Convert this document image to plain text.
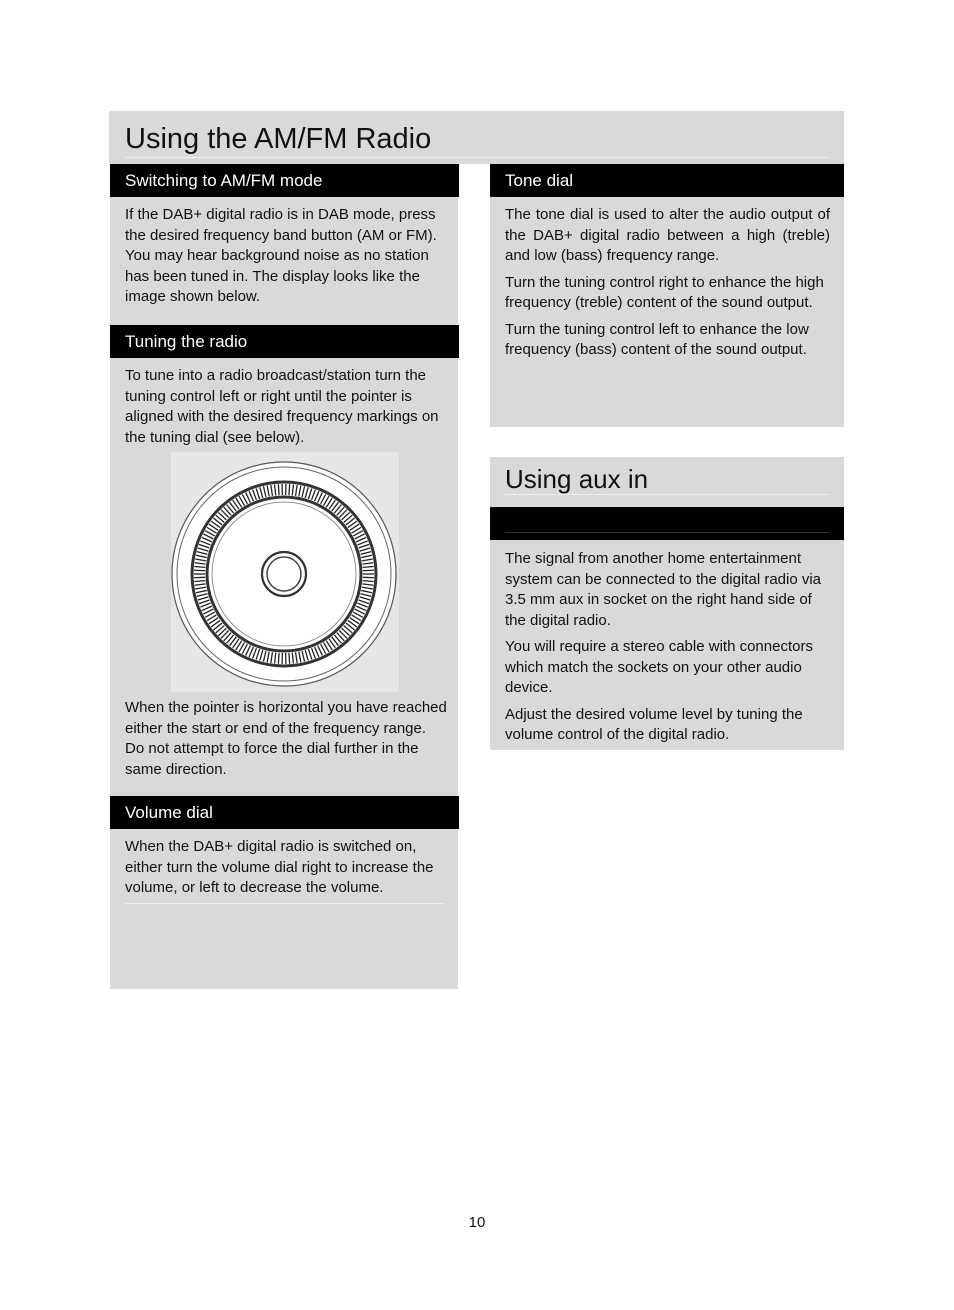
Using the AM/FM Radio
Switching to AM/FM mode

If the DAB+ digital radio is in DAB mode, press the desired frequency band button (AM or FM). You may hear background noise as no station has been tuned in. The display looks like the image shown below.

Tuning the radio

To tune into a radio broadcast/station turn the tuning control left or right until the pointer is aligned with the desired frequency markings on the tuning dial (see below).

When the pointer is horizontal you have reached either the start or end of the frequency range. Do not attempt to force the dial further in the same direction.

Volume dial

When the DAB+ digital radio is switched on, either turn the volume dial right to increase the volume, or left to decrease the volume.

Tone dial

The tone dial is used to alter the audio output of the DAB+ digital radio between a high (treble) and low (bass) frequency range.

Turn the tuning control right to enhance the high frequency (treble) content of the sound output.

Turn the tuning control left to enhance the low frequency (bass) content of the sound output.

Using aux in

The signal from another home entertainment system can be connected to the digital radio via 3.5 mm aux in socket on the right hand side of the digital radio.

You will require a stereo cable with connectors which match the sockets on your other audio device.

Adjust the desired volume level by tuning the volume control of the digital radio.

10
